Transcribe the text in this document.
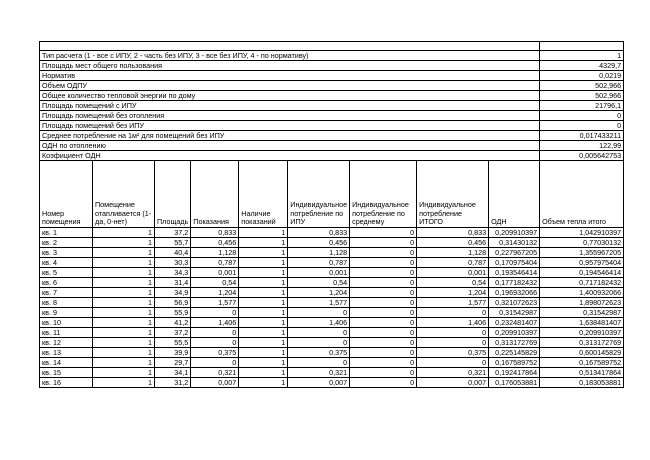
Тип расчета (1 - все с ИПУ, 2 - часть без ИПУ, 3 - все без ИПУ, 4 - по нормативу)									1
Площадь мест общего пользования									4329,7
Норматив									0,0219
Объем ОДПУ									502,966
Общее количество тепловой энергии по дому									502,966
Площадь помещений с ИПУ									21796,1
Площадь помещений без отопления									0
Площадь помещений без ИПУ									0
Среднее потребление на 1м² для помещений без ИПУ									0,017433211
ОДН по отоплению									122,99
Коэфициент ОДН									0,005642753
Номер помещения	Помещение отапливается (1-да, 0-нет)	Площадь	Показания	Наличие показаний	Индивидуальное потребление по ИПУ	Индивидуальное потребление по среднему	Индивидуальное потребление ИТОГО	ОДН	Объем тепла итого
кв. 1	1	37,2	0,833	1	0,833	0	0,833	0,209910397	1,042910397
кв. 2	1	55,7	0,456	1	0,456	0	0,456	0,31430132	0,77030132
кв. 3	1	40,4	1,128	1	1,128	0	1,128	0,227967205	1,355967205
кв. 4	1	30,3	0,787	1	0,787	0	0,787	0,170975404	0,957975404
кв. 5	1	34,3	0,001	1	0,001	0	0,001	0,193546414	0,194546414
кв. 6	1	31,4	0,54	1	0,54	0	0,54	0,177182432	0,717182432
кв. 7	1	34,9	1,204	1	1,204	0	1,204	0,196932066	1,400932066
кв. 8	1	56,9	1,577	1	1,577	0	1,577	0,321072623	1,898072623
кв. 9	1	55,9	0	1	0	0	0	0,31542987	0,31542987
кв. 10	1	41,2	1,406	1	1,406	0	1,406	0,232481407	1,638481407
кв. 11	1	37,2	0	1	0	0	0	0,209910397	0,209910397
кв. 12	1	55,5	0	1	0	0	0	0,313172769	0,313172769
кв. 13	1	39,9	0,375	1	0,375	0	0,375	0,225145829	0,600145829
кв. 14	1	29,7	0	1	0	0	0	0,167589752	0,167589752
кв. 15	1	34,1	0,321	1	0,321	0	0,321	0,192417864	0,513417864
кв. 16	1	31,2	0,007	1	0,007	0	0,007	0,176053881	0,183053881
